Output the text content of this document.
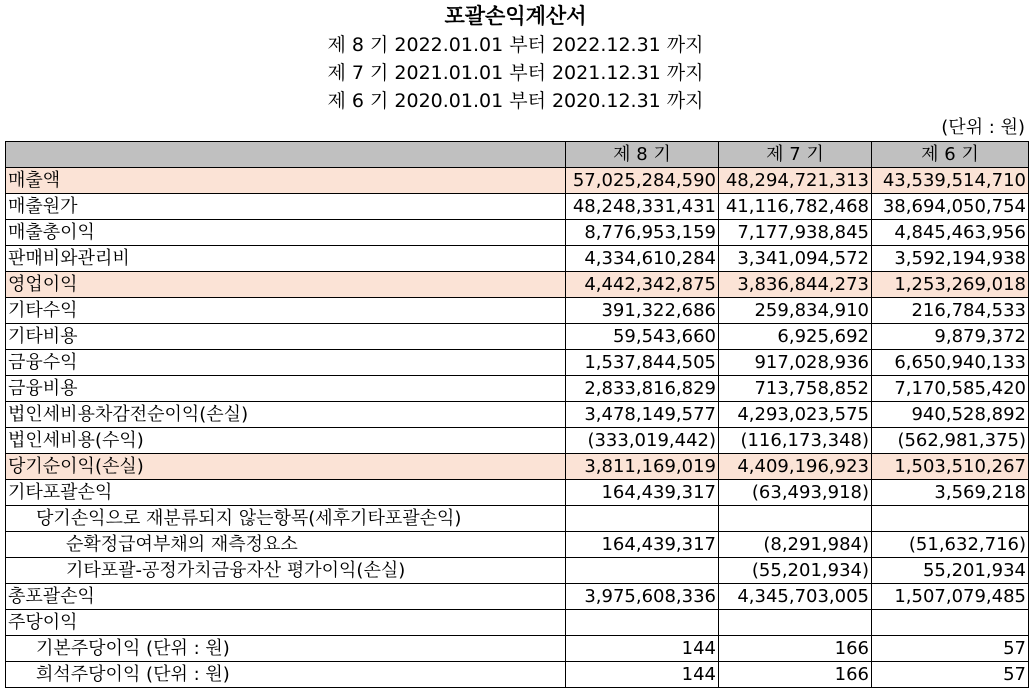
포괄손익계산서
제 8 기 2022.01.01 부터 2022.12.31 까지
제 7 기 2021.01.01 부터 2021.12.31 까지
제 6 기 2020.01.01 부터 2020.12.31 까지
(단위 : 원)
	제 8 기	제 7 기	제 6 기
매출액	57,025,284,590	48,294,721,313	43,539,514,710
매출원가	48,248,331,431	41,116,782,468	38,694,050,754
매출총이익	8,776,953,159	7,177,938,845	4,845,463,956
판매비와관리비	4,334,610,284	3,341,094,572	3,592,194,938
영업이익	4,442,342,875	3,836,844,273	1,253,269,018
기타수익	391,322,686	259,834,910	216,784,533
기타비용	59,543,660	6,925,692	9,879,372
금융수익	1,537,844,505	917,028,936	6,650,940,133
금융비용	2,833,816,829	713,758,852	7,170,585,420
법인세비용차감전순이익(손실)	3,478,149,577	4,293,023,575	940,528,892
법인세비용(수익)	(333,019,442)	(116,173,348)	(562,981,375)
당기순이익(손실)	3,811,169,019	4,409,196,923	1,503,510,267
기타포괄손익	164,439,317	(63,493,918)	3,569,218
당기손익으로 재분류되지 않는항목(세후기타포괄손익)			
순확정급여부채의 재측정요소	164,439,317	(8,291,984)	(51,632,716)
기타포괄-공정가치금융자산 평가이익(손실)		(55,201,934)	55,201,934
총포괄손익	3,975,608,336	4,345,703,005	1,507,079,485
주당이익			
기본주당이익 (단위 : 원)	144	166	57
희석주당이익 (단위 : 원)	144	166	57
